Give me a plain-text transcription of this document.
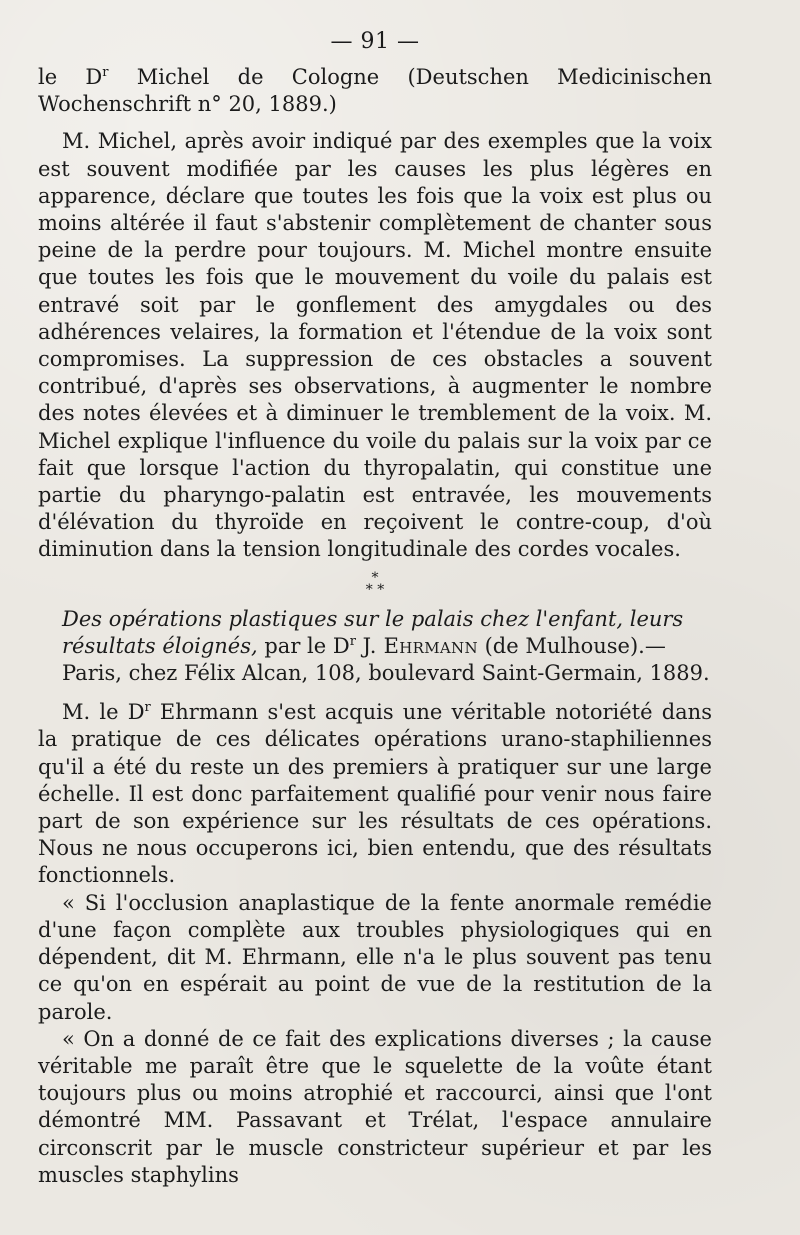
— 91 —

le $D^r$ Michel de Cologne (Deutschen Medicinischen Wochenschrift n° 20, 1889.)

M. Michel, après avoir indiqué par des exemples que la voix est souvent modifiée par les causes les plus légères en apparence, déclare que toutes les fois que la voix est plus ou moins altérée il faut s'abstenir complètement de chanter sous peine de la perdre pour toujours. M. Michel montre ensuite que toutes les fois que le mouvement du voile du palais est entravé soit par le gonflement des amygdales ou des adhérences velaires, la formation et l'étendue de la voix sont compromises. La suppression de ces obstacles a souvent contribué, d'après ses observations, à augmenter le nombre des notes élevées et à diminuer le tremblement de la voix. M. Michel explique l'influence du voile du palais sur la voix par ce fait que lorsque l'action du thyropalatin, qui constitue une partie du pharyngo-palatin est entravée, les mouvements d'élévation du thyroïde en reçoivent le contre-coup, d'où diminution dans la tension longitudinale des cordes vocales.

*
* *

Des opérations plastiques sur le palais chez l'enfant, leurs résultats éloignés, par le $D^r$ J. Ehrmann (de Mulhouse).— Paris, chez Félix Alcan, 108, boulevard Saint-Germain, 1889.

M. le $D^r$ Ehrmann s'est acquis une véritable notoriété dans la pratique de ces délicates opérations urano-staphiliennes qu'il a été du reste un des premiers à pratiquer sur une large échelle. Il est donc parfaitement qualifié pour venir nous faire part de son expérience sur les résultats de ces opérations. Nous ne nous occuperons ici, bien entendu, que des résultats fonctionnels.

« Si l'occlusion anaplastique de la fente anormale remédie d'une façon complète aux troubles physiologiques qui en dépendent, dit M. Ehrmann, elle n'a le plus souvent pas tenu ce qu'on en espérait au point de vue de la restitution de la parole.

« On a donné de ce fait des explications diverses ; la cause véritable me paraît être que le squelette de la voûte étant toujours plus ou moins atrophié et raccourci, ainsi que l'ont démontré MM. Passavant et Trélat, l'espace annulaire circonscrit par le muscle constricteur supérieur et par les muscles staphylins
